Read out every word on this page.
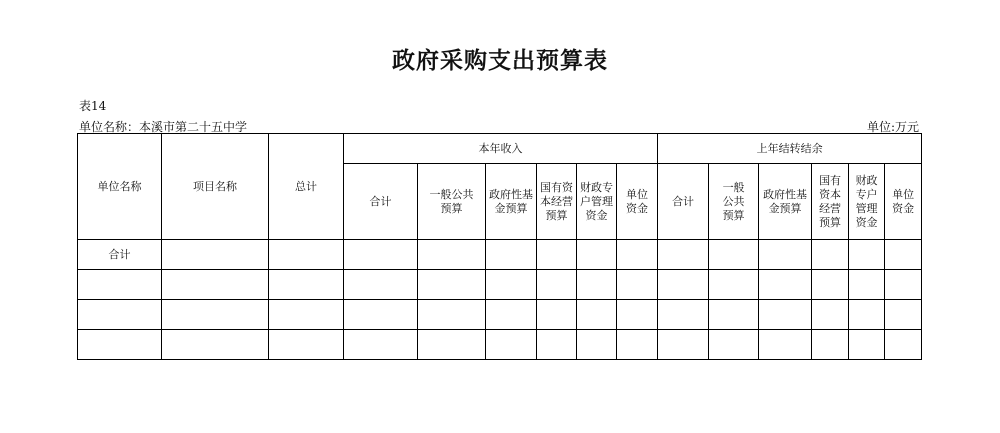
政府采购支出预算表
表14
单位名称：本溪市第二十五中学	单位:万元
单位名称	项目名称	总计	本年收入						上年结转结余					
			合计	一般公共预算	政府性基金预算	国有资本经营预算	财政专户管理资金	单位资金	合计	一般公共预算	政府性基金预算	国有资本经营预算	财政专户管理资金	单位资金
合计														
